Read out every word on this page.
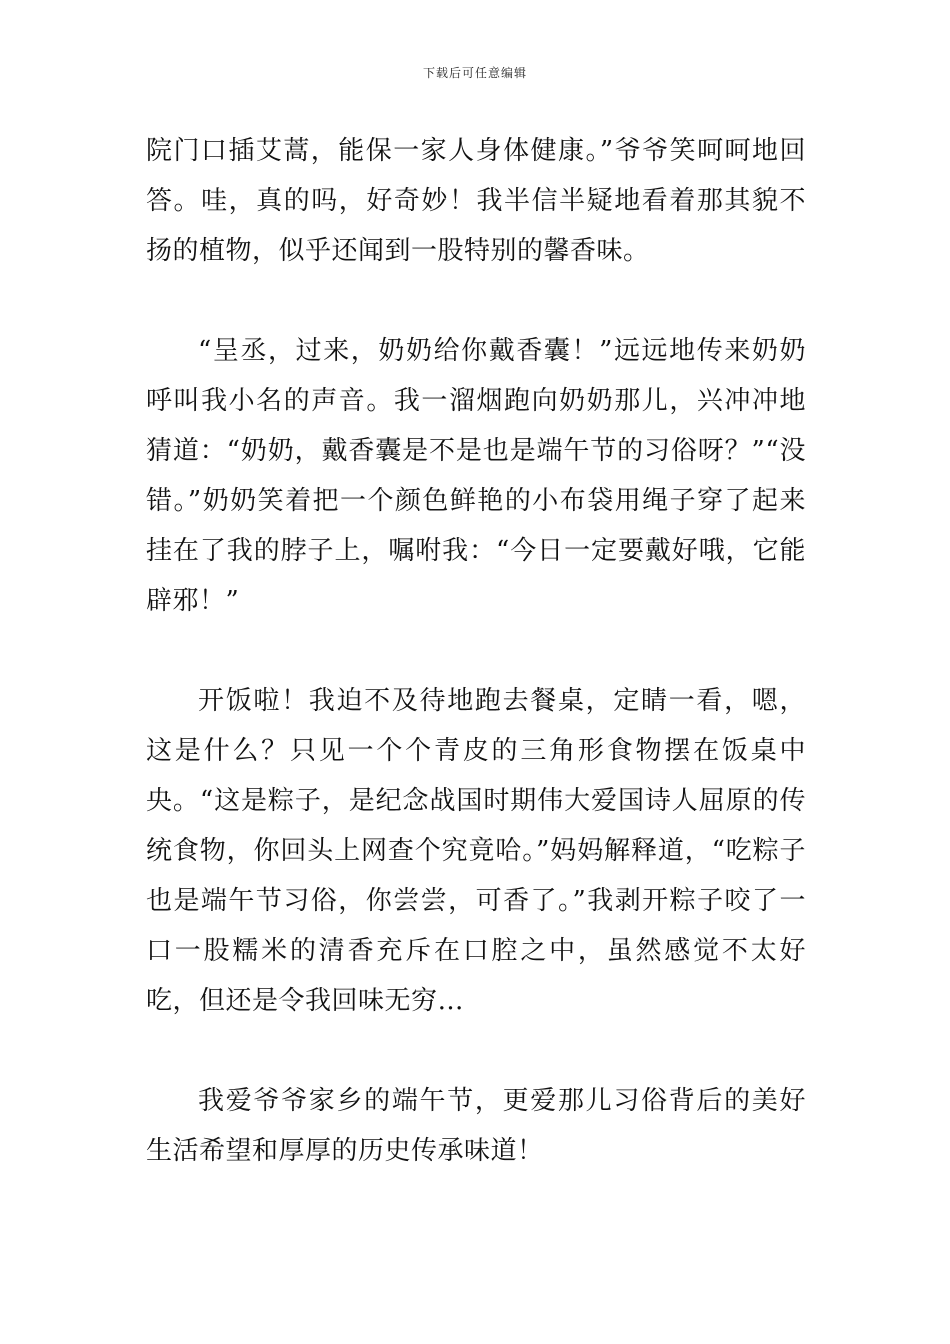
下载后可任意编辑

院门口插艾蒿，能保一家人身体健康。”爷爷笑呵呵地回答。哇，真的吗，好奇妙！我半信半疑地看着那其貌不扬的植物，似乎还闻到一股特别的馨香味。

“呈丞，过来，奶奶给你戴香囊！”远远地传来奶奶呼叫我小名的声音。我一溜烟跑向奶奶那儿，兴冲冲地猜道：“奶奶，戴香囊是不是也是端午节的习俗呀？”“没错。”奶奶笑着把一个颜色鲜艳的小布袋用绳子穿了起来挂在了我的脖子上，嘱咐我：“今日一定要戴好哦，它能辟邪！”

开饭啦！我迫不及待地跑去餐桌，定睛一看，嗯，这是什么？只见一个个青皮的三角形食物摆在饭桌中央。“这是粽子，是纪念战国时期伟大爱国诗人屈原的传统食物，你回头上网查个究竟哈。”妈妈解释道，“吃粽子也是端午节习俗，你尝尝，可香了。”我剥开粽子咬了一口一股糯米的清香充斥在口腔之中，虽然感觉不太好吃，但还是令我回味无穷…

我爱爷爷家乡的端午节，更爱那儿习俗背后的美好生活希望和厚厚的历史传承味道！
